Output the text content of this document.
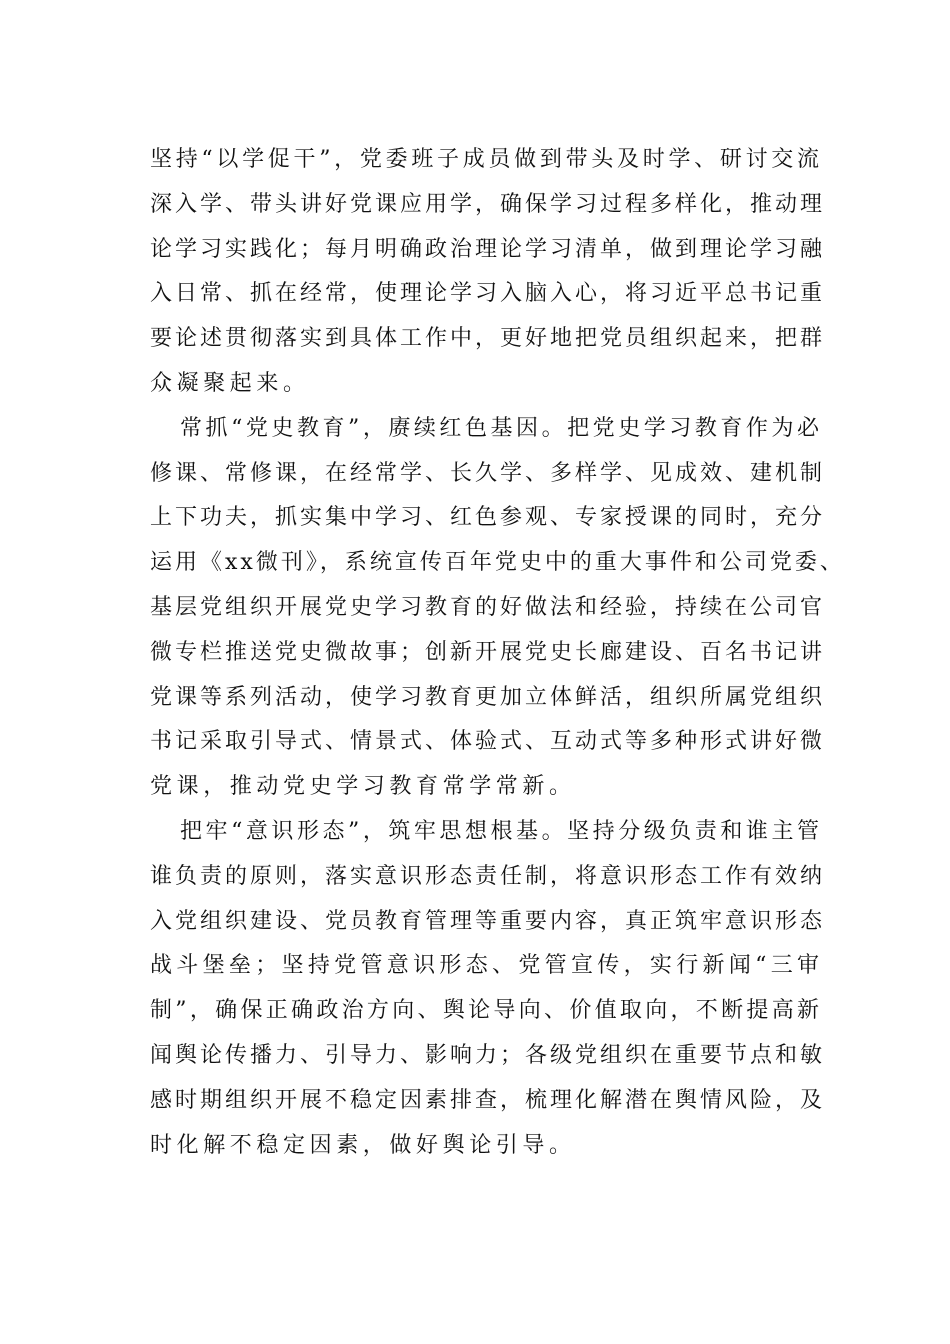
坚持“以学促干”，党委班子成员做到带头及时学、研讨交流
深入学、带头讲好党课应用学，确保学习过程多样化，推动理
论学习实践化；每月明确政治理论学习清单，做到理论学习融
入日常、抓在经常，使理论学习入脑入心，将习近平总书记重
要论述贯彻落实到具体工作中，更好地把党员组织起来，把群
众凝聚起来。
常抓“党史教育”，赓续红色基因。把党史学习教育作为必
修课、常修课，在经常学、长久学、多样学、见成效、建机制
上下功夫，抓实集中学习、红色参观、专家授课的同时，充分
运用《xx微刊》，系统宣传百年党史中的重大事件和公司党委、
基层党组织开展党史学习教育的好做法和经验，持续在公司官
微专栏推送党史微故事；创新开展党史长廊建设、百名书记讲
党课等系列活动，使学习教育更加立体鲜活，组织所属党组织
书记采取引导式、情景式、体验式、互动式等多种形式讲好微
党课，推动党史学习教育常学常新。
把牢“意识形态”，筑牢思想根基。坚持分级负责和谁主管
谁负责的原则，落实意识形态责任制，将意识形态工作有效纳
入党组织建设、党员教育管理等重要内容，真正筑牢意识形态
战斗堡垒；坚持党管意识形态、党管宣传，实行新闻“三审
制”，确保正确政治方向、舆论导向、价值取向，不断提高新
闻舆论传播力、引导力、影响力；各级党组织在重要节点和敏
感时期组织开展不稳定因素排查，梳理化解潜在舆情风险，及
时化解不稳定因素，做好舆论引导。
